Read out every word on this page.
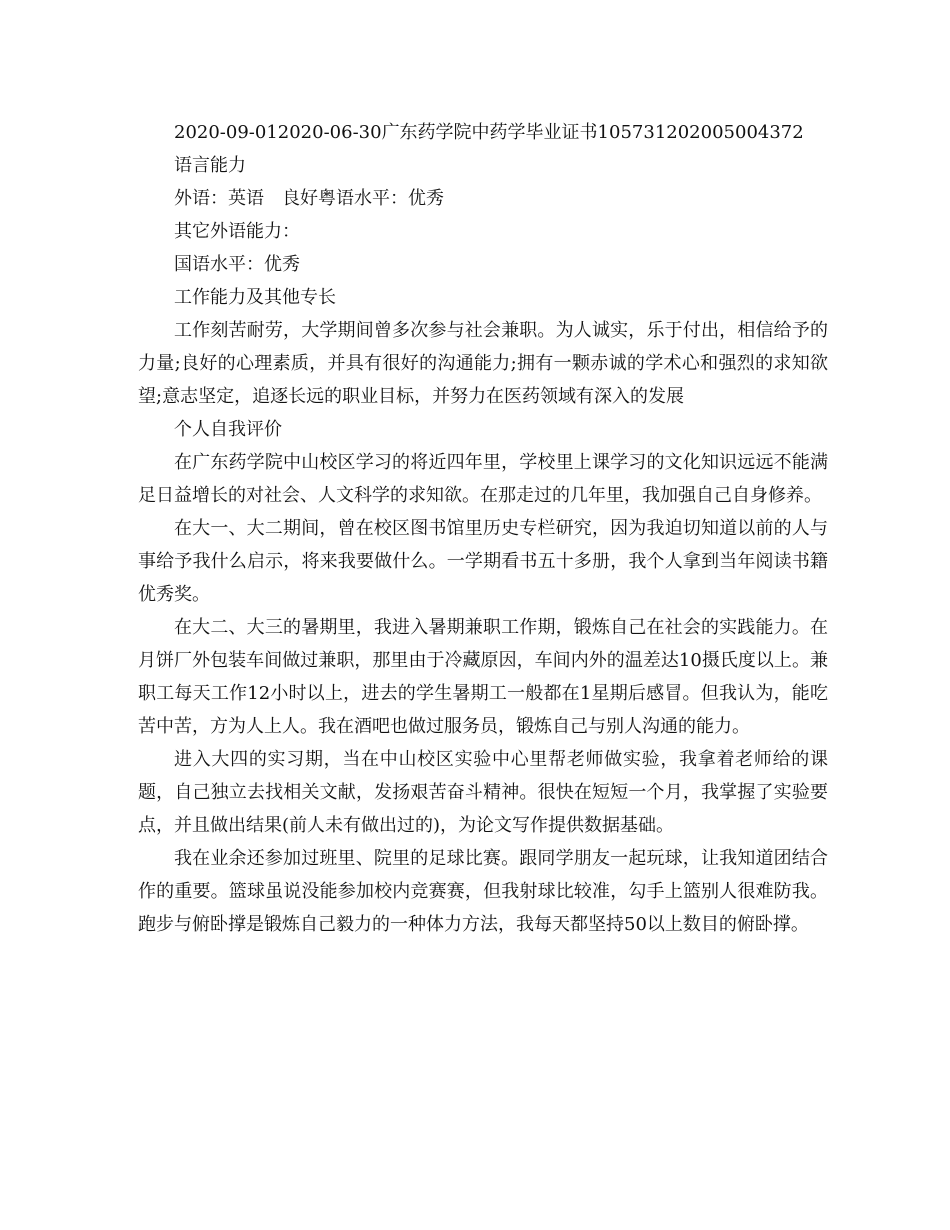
2020-09-012020-06-30广东药学院中药学毕业证书105731202005004372

语言能力

外语：英语　良好粤语水平：优秀

其它外语能力：

国语水平：优秀

工作能力及其他专长

工作刻苦耐劳，大学期间曾多次参与社会兼职。为人诚实，乐于付出，相信给予的力量;良好的心理素质，并具有很好的沟通能力;拥有一颗赤诚的学术心和强烈的求知欲望;意志坚定，追逐长远的职业目标，并努力在医药领域有深入的发展

个人自我评价

在广东药学院中山校区学习的将近四年里，学校里上课学习的文化知识远远不能满足日益增长的对社会、人文科学的求知欲。在那走过的几年里，我加强自己自身修养。

在大一、大二期间，曾在校区图书馆里历史专栏研究，因为我迫切知道以前的人与事给予我什么启示，将来我要做什么。一学期看书五十多册，我个人拿到当年阅读书籍优秀奖。

在大二、大三的暑期里，我进入暑期兼职工作期，锻炼自己在社会的实践能力。在月饼厂外包装车间做过兼职，那里由于冷藏原因，车间内外的温差达10摄氏度以上。兼职工每天工作12小时以上，进去的学生暑期工一般都在1星期后感冒。但我认为，能吃苦中苦，方为人上人。我在酒吧也做过服务员，锻炼自己与别人沟通的能力。

进入大四的实习期，当在中山校区实验中心里帮老师做实验，我拿着老师给的课题，自己独立去找相关文献，发扬艰苦奋斗精神。很快在短短一个月，我掌握了实验要点，并且做出结果(前人未有做出过的)，为论文写作提供数据基础。

我在业余还参加过班里、院里的足球比赛。跟同学朋友一起玩球，让我知道团结合作的重要。篮球虽说没能参加校内竞赛赛，但我射球比较准，勾手上篮别人很难防我。跑步与俯卧撑是锻炼自己毅力的一种体力方法，我每天都坚持50以上数目的俯卧撑。
